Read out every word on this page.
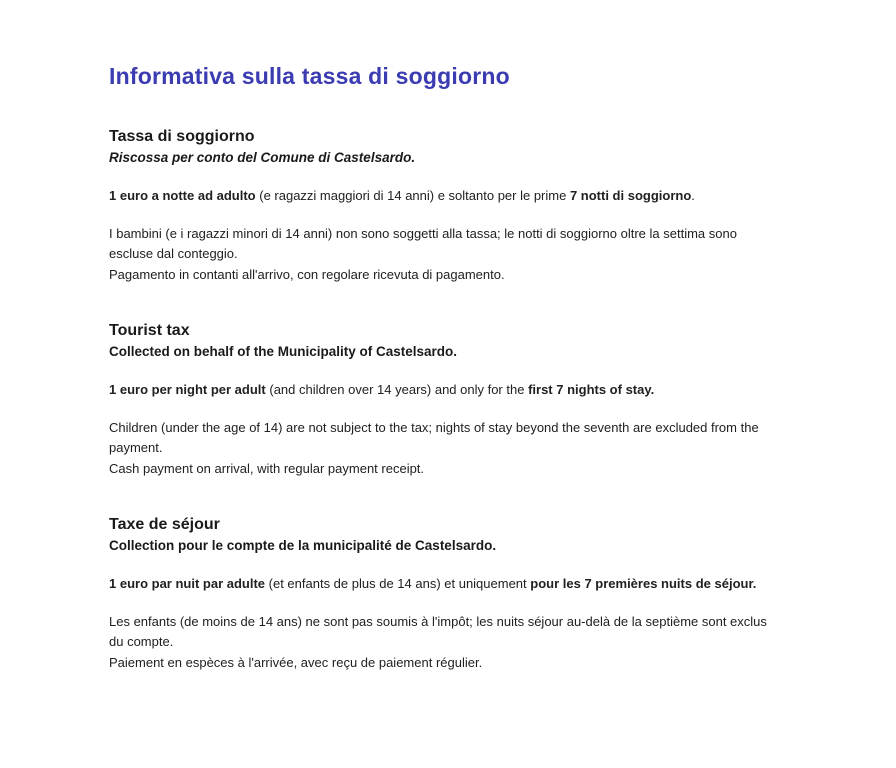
Informativa sulla tassa di soggiorno
Tassa di soggiorno
Riscossa per conto del Comune di Castelsardo.

1 euro a notte ad adulto (e ragazzi maggiori di 14 anni) e soltanto per le prime 7 notti di soggiorno.

I bambini (e i ragazzi minori di 14 anni) non sono soggetti alla tassa; le notti di soggiorno oltre la settima sono escluse dal conteggio.
Pagamento in contanti all'arrivo, con regolare ricevuta di pagamento.

Tourist tax
Collected on behalf of the Municipality of Castelsardo.

1 euro per night per adult (and children over 14 years) and only for the first 7 nights of stay.

Children (under the age of 14) are not subject to the tax; nights of stay beyond the seventh are excluded from the payment.
Cash payment on arrival, with regular payment receipt.

Taxe de séjour
Collection pour le compte de la municipalité de Castelsardo.

1 euro par nuit par adulte (et enfants de plus de 14 ans) et uniquement pour les 7 premières nuits de séjour.

Les enfants (de moins de 14 ans) ne sont pas soumis à l'impôt; les nuits séjour au-delà de la septième sont exclus du compte.
Paiement en espèces à l'arrivée, avec reçu de paiement régulier.
